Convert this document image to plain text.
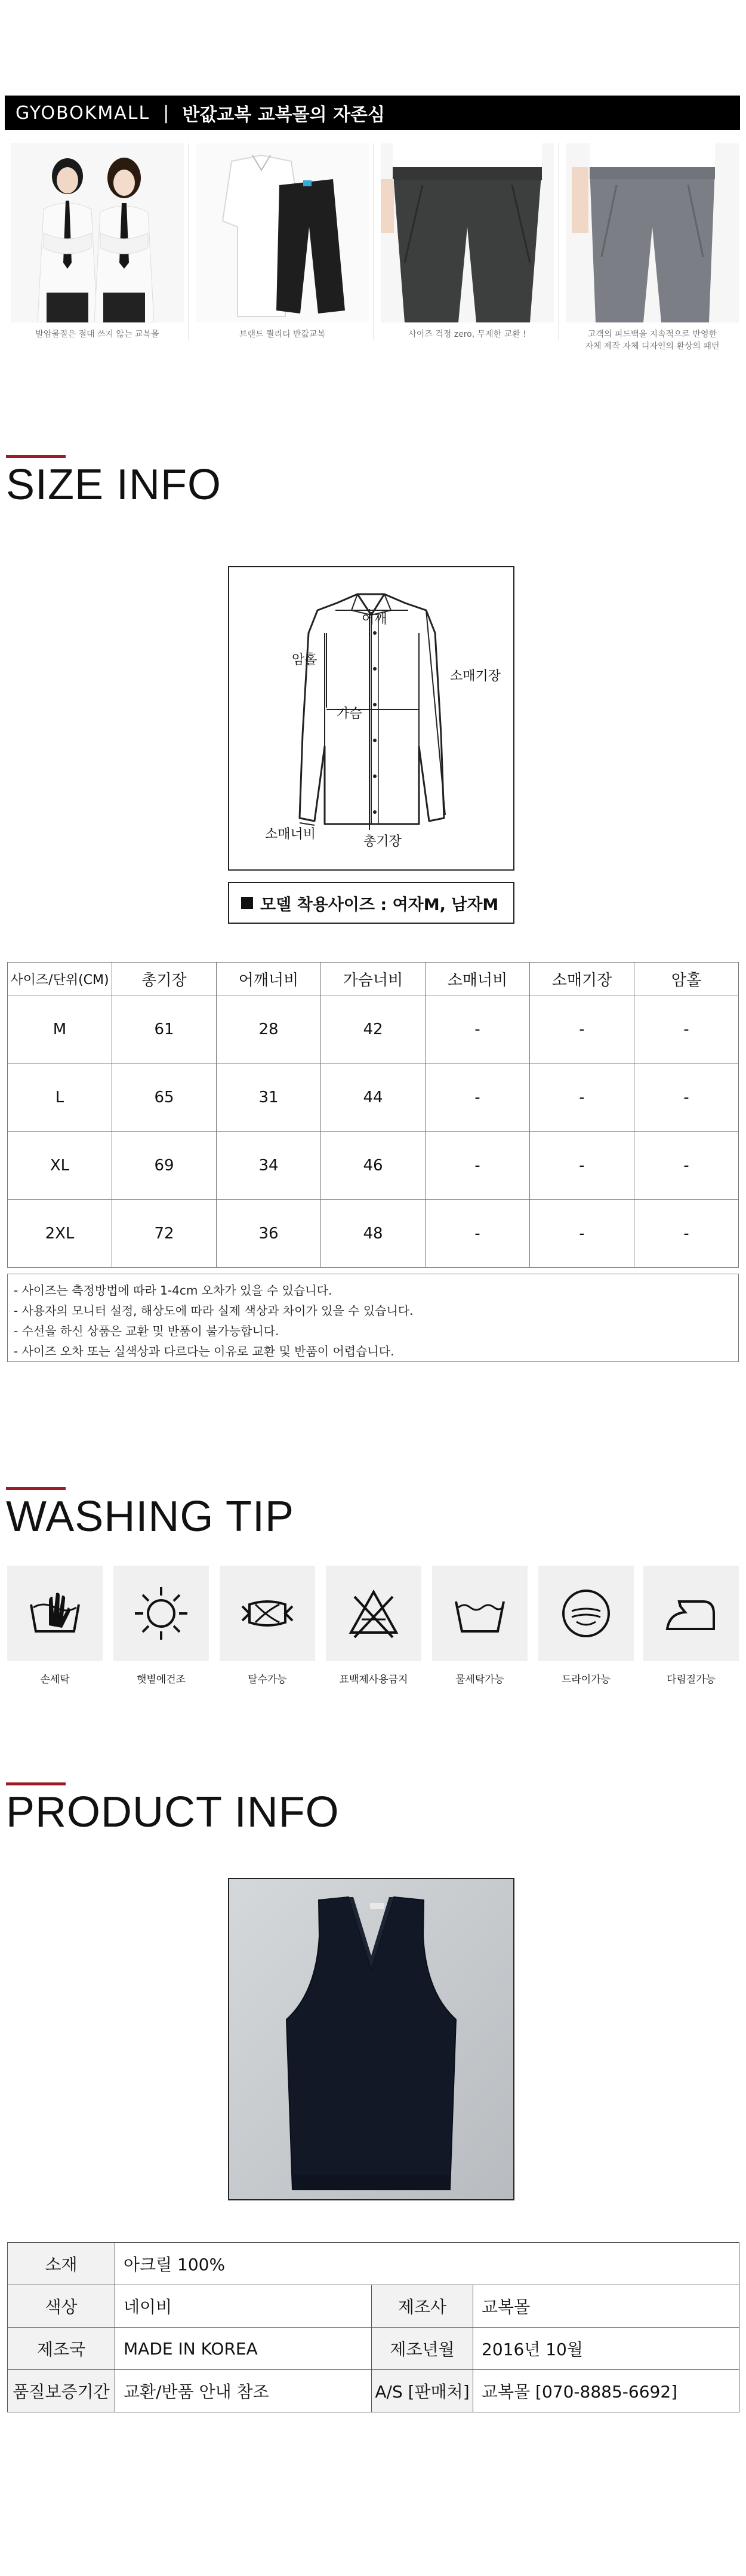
GYOBOKMALL | 반값교복 교복몰의 자존심
발암물질은 절대 쓰지 않는 교복몰	브랜드 퀄리티 반값교복	사이즈 걱정 zero, 무제한 교환 !	고객의 피드백을 지속적으로 반영한
자체 제작 자체 디자인의 환상의 패턴
SIZE INFO
어깨
암홀
소매기장
가슴
소매너비	총기장
모델 착용사이즈 : 여자M, 남자M
사이즈/단위(CM)	총기장	어깨너비	가슴너비	소매너비	소매기장	암홀
M	61	28	42	-	-	-
L	65	31	44	-	-	-
XL	69	34	46	-	-	-
2XL	72	36	48	-	-	-
- 사이즈는 측정방법에 따라 1-4cm 오차가 있을 수 있습니다.
- 사용자의 모니터 설정, 해상도에 따라 실제 색상과 차이가 있을 수 있습니다.
- 수선을 하신 상품은 교환 및 반품이 불가능합니다.
- 사이즈 오차 또는 실색상과 다르다는 이유로 교환 및 반품이 어렵습니다.
WASHING TIP
손세탁	햇볕에건조	탈수가능	표백제사용금지	물세탁가능	드라이가능	다림질가능
PRODUCT INFO
소재	아크릴 100%		
색상	네이비	제조사	교복몰
제조국	MADE IN KOREA	제조년월	2016년 10월
품질보증기간	교환/반품 안내 참조	A/S [판매처]	교복몰 [070-8885-6692]
